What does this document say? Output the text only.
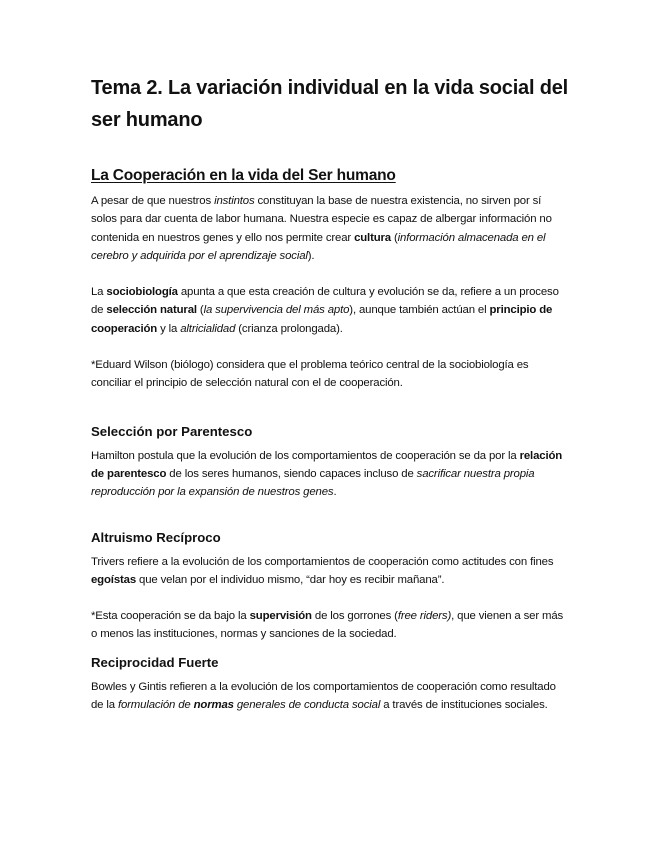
Tema 2. La variación individual en la vida social del ser humano
La Cooperación en la vida del Ser humano

A pesar de que nuestros instintos constituyan la base de nuestra existencia, no sirven por sí solos para dar cuenta de labor humana. Nuestra especie es capaz de albergar información no contenida en nuestros genes y ello nos permite crear cultura (información almacenada en el cerebro y adquirida por el aprendizaje social).

La sociobiología apunta a que esta creación de cultura y evolución se da, refiere a un proceso de selección natural (la supervivencia del más apto), aunque también actúan el principio de cooperación y la altricialidad (crianza prolongada).

*Eduard Wilson (biólogo) considera que el problema teórico central de la sociobiología es conciliar el principio de selección natural con el de cooperación.

Selección por Parentesco

Hamilton postula que la evolución de los comportamientos de cooperación se da por la relación de parentesco de los seres humanos, siendo capaces incluso de sacrificar nuestra propia reproducción por la expansión de nuestros genes.

Altruismo Recíproco

Trivers refiere a la evolución de los comportamientos de cooperación como actitudes con fines egoístas que velan por el individuo mismo, “dar hoy es recibir mañana”.

*Esta cooperación se da bajo la supervisión de los gorrones (free riders), que vienen a ser más o menos las instituciones, normas y sanciones de la sociedad.

Reciprocidad Fuerte

Bowles y Gintis refieren a la evolución de los comportamientos de cooperación como resultado de la formulación de normas generales de conducta social a través de instituciones sociales.
